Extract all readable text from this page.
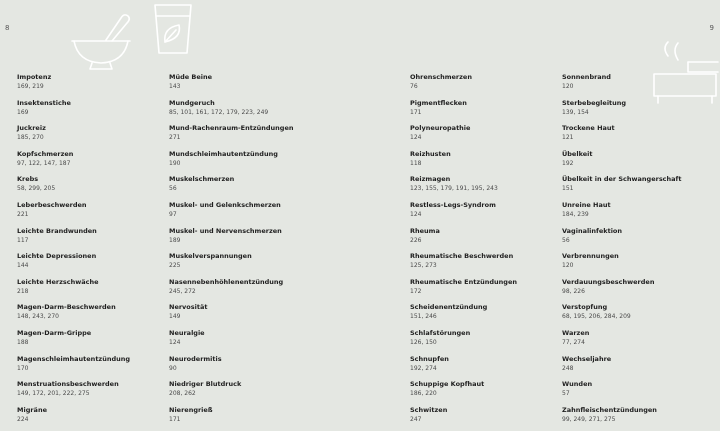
8	9
Impotenz
169, 219
Insektenstiche
169
Juckreiz
185, 270
Kopfschmerzen
97, 122, 147, 187
Krebs
58, 299, 205
Leberbeschwerden
221
Leichte Brandwunden
117
Leichte Depressionen
144
Leichte Herzschwäche
218
Magen-Darm-Beschwerden
148, 243, 270
Magen-Darm-Grippe
188
Magenschleimhautentzündung
170
Menstruationsbeschwerden
149, 172, 201, 222, 275
Migräne
224
Müde Beine
143
Mundgeruch
85, 101, 161, 172, 179, 223, 249
Mund-Rachenraum-Entzündungen
271
Mundschleimhautentzündung
190
Muskelschmerzen
56
Muskel- und Gelenkschmerzen
97
Muskel- und Nervenschmerzen
189
Muskelverspannungen
225
Nasennebenhöhlenentzündung
245, 272
Nervosität
149
Neuralgie
124
Neurodermitis
90
Niedriger Blutdruck
208, 262
Nierengrieß
171
Ohrenschmerzen
76
Pigmentflecken
171
Polyneuropathie
124
Reizhusten
118
Reizmagen
123, 155, 179, 191, 195, 243
Restless-Legs-Syndrom
124
Rheuma
226
Rheumatische Beschwerden
125, 273
Rheumatische Entzündungen
172
Scheidenentzündung
151, 246
Schlafstörungen
126, 150
Schnupfen
192, 274
Schuppige Kopfhaut
186, 220
Schwitzen
247
Sonnenbrand
120
Sterbebegleitung
139, 154
Trockene Haut
121
Übelkeit
192
Übelkeit in der Schwangerschaft
151
Unreine Haut
184, 239
Vaginalinfektion
56
Verbrennungen
120
Verdauungsbeschwerden
98, 226
Verstopfung
68, 195, 206, 284, 209
Warzen
77, 274
Wechseljahre
248
Wunden
57
Zahnfleischentzündungen
99, 249, 271, 275
